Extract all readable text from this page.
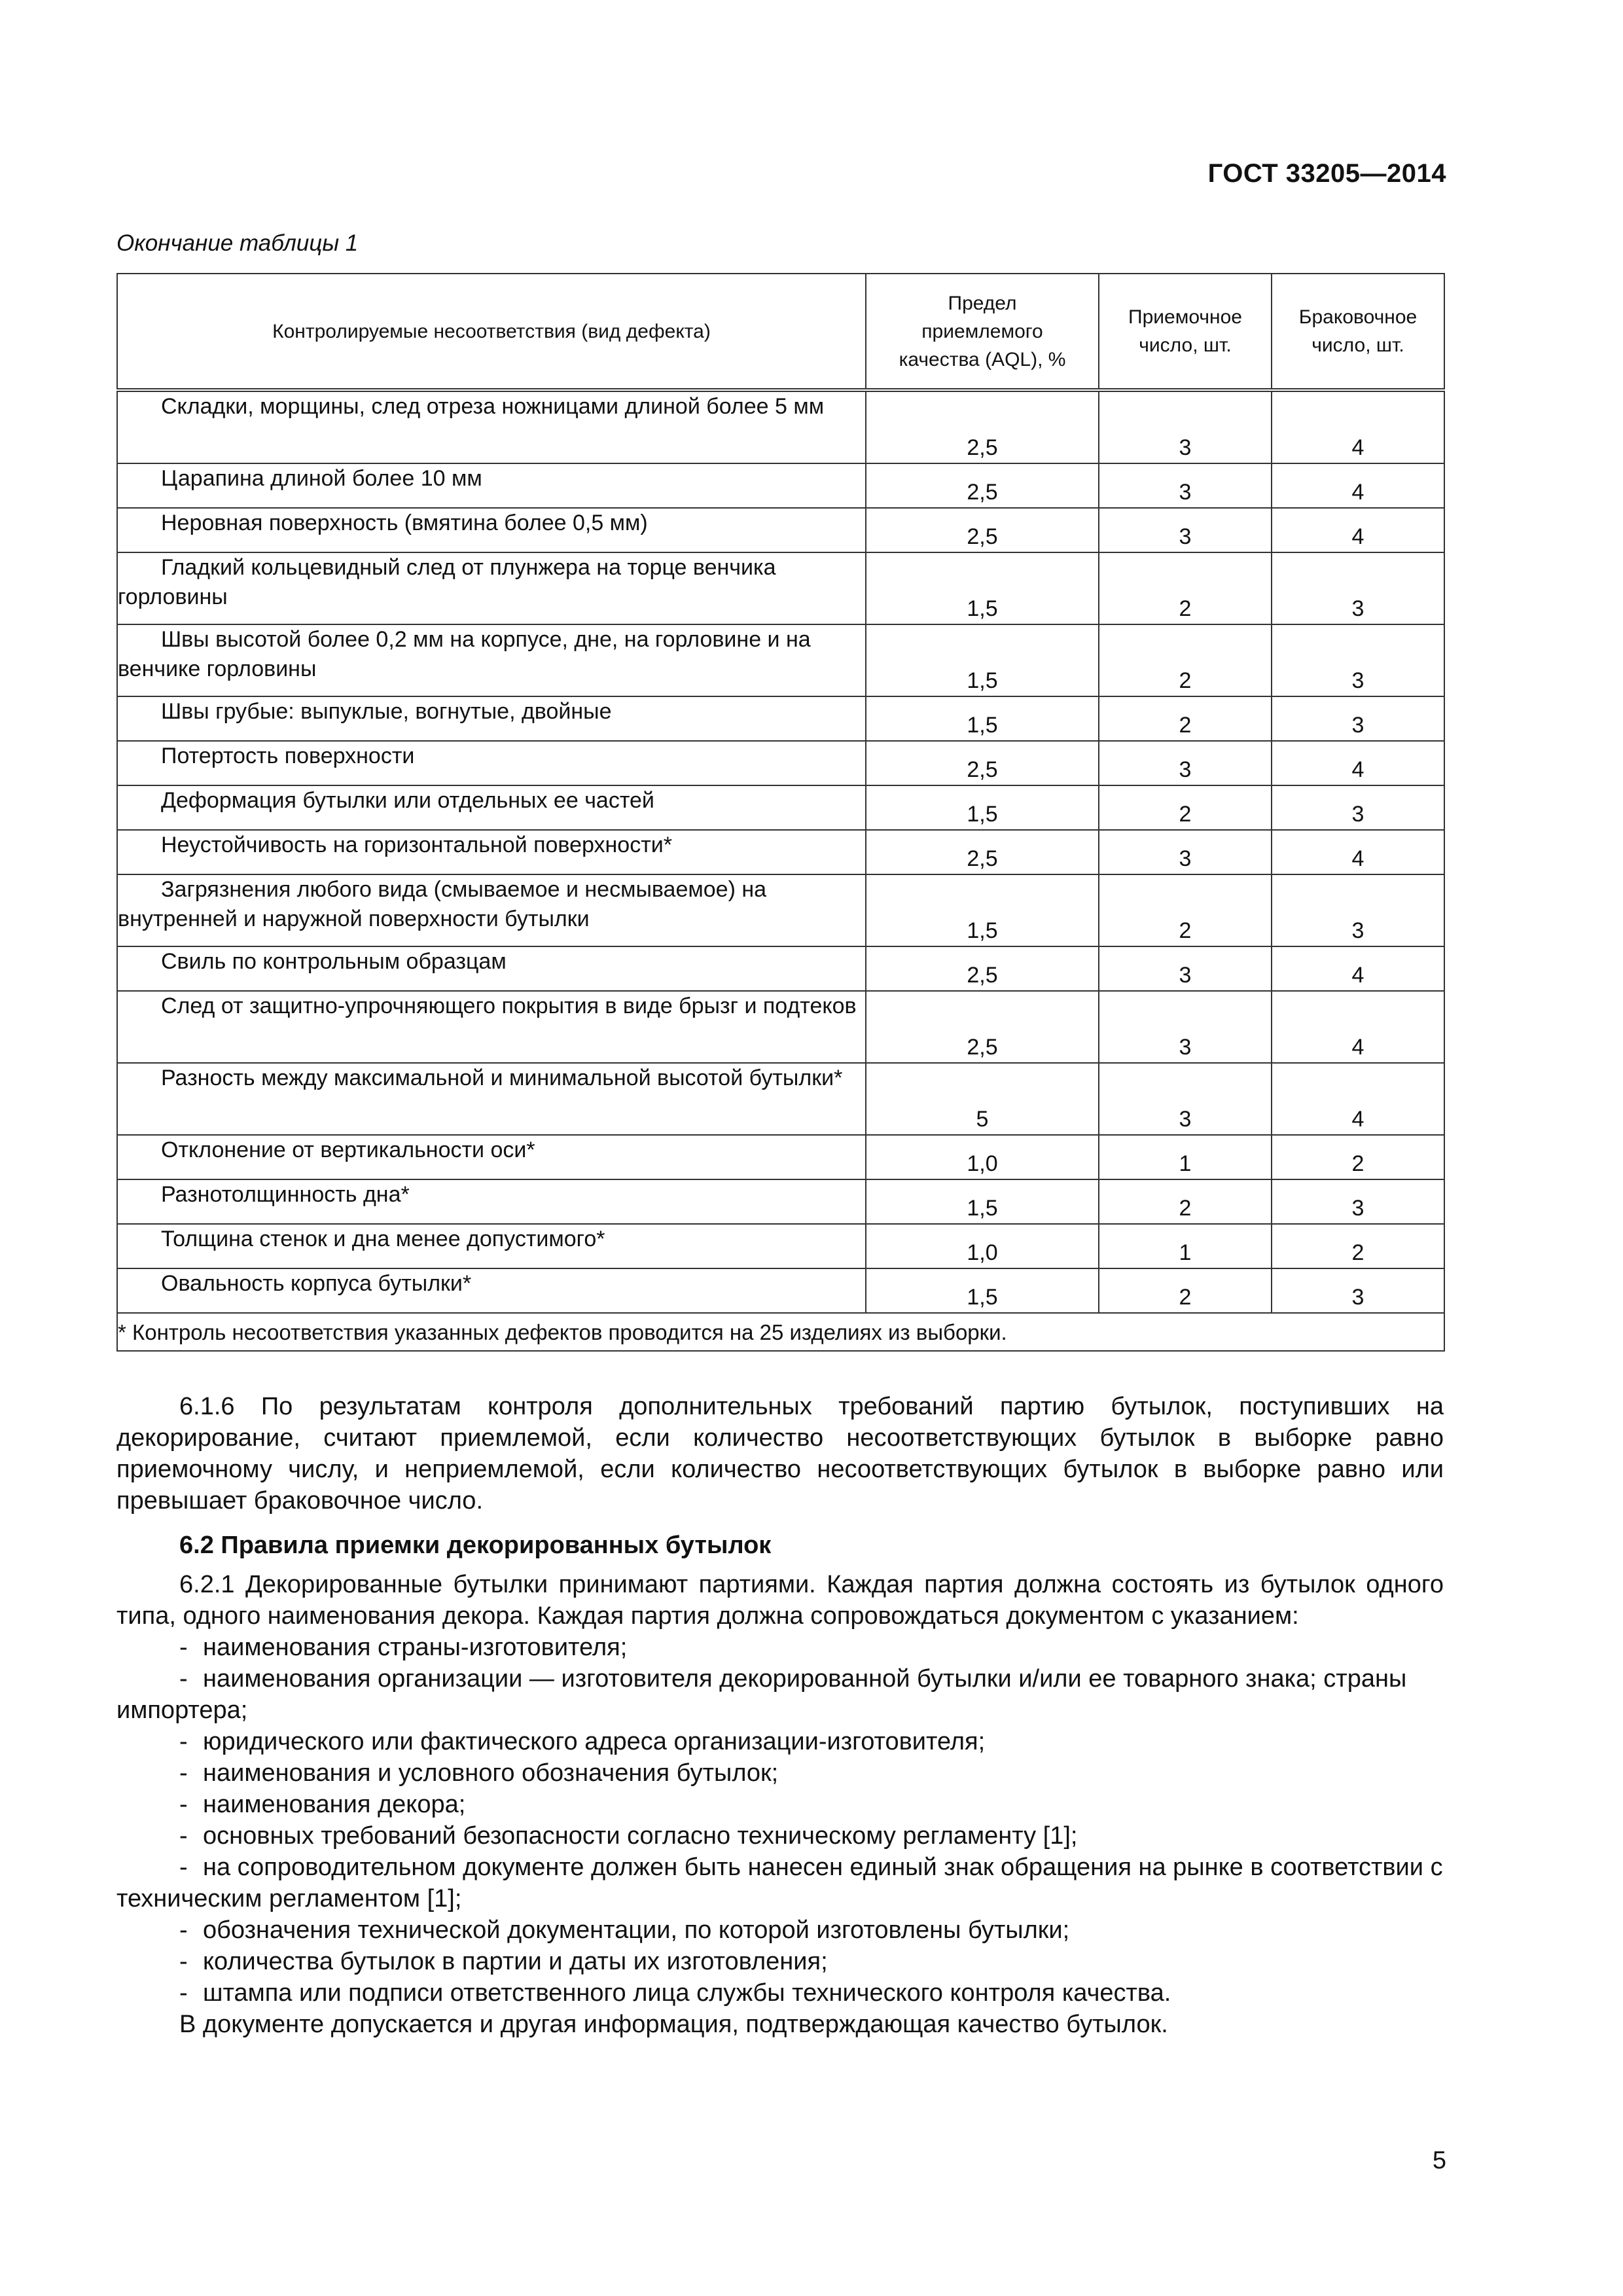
ГОСТ 33205—2014
Окончание таблицы 1
Контролируемые несоответствия (вид дефекта)	Предел приемлемого качества (AQL), %	Приемочное число, шт.	Браковочное число, шт.

Складки, морщины, след отреза ножницами длиной более 5 мм	2,5	3	4

Царапина длиной более 10 мм	2,5	3	4

Неровная поверхность (вмятина более 0,5 мм)	2,5	3	4

Гладкий кольцевидный след от плунжера на торце венчика горловины	1,5	2	3

Швы высотой более 0,2 мм на корпусе, дне, на горловине и на венчике горловины	1,5	2	3

Швы грубые: выпуклые, вогнутые, двойные	1,5	2	3

Потертость поверхности	2,5	3	4

Деформация бутылки или отдельных ее частей	1,5	2	3

Неустойчивость на горизонтальной поверхности*	2,5	3	4

Загрязнения любого вида (смываемое и несмываемое) на внутренней и наружной поверхности бутылки	1,5	2	3

Свиль по контрольным образцам	2,5	3	4

След от защитно-упрочняющего покрытия в виде брызг и подтеков	2,5	3	4

Разность между максимальной и минимальной высотой бутылки*	5	3	4

Отклонение от вертикальности оси*	1,0	1	2

Разнотолщинность дна*	1,5	2	3

Толщина стенок и дна менее допустимого*	1,0	1	2

Овальность корпуса бутылки*	1,5	2	3
* Контроль несоответствия указанных дефектов проводится на 25 изделиях из выборки.			

6.1.6 По результатам контроля дополнительных требований партию бутылок, поступивших на декорирование, считают приемлемой, если количество несоответствующих бутылок в выборке равно приемочному числу, и неприемлемой, если количество несоответствующих бутылок в выборке равно или превышает браковочное число.

6.2 Правила приемки декорированных бутылок

6.2.1 Декорированные бутылки принимают партиями. Каждая партия должна состоять из бутылок одного типа, одного наименования декора. Каждая партия должна сопровождаться документом с указанием:

- наименования страны-изготовителя;

- наименования организации — изготовителя декорированной бутылки и/или ее товарного знака; страны импортера;

- юридического или фактического адреса организации-изготовителя;

- наименования и условного обозначения бутылок;

- наименования декора;

- основных требований безопасности согласно техническому регламенту [1];

- на сопроводительном документе должен быть нанесен единый знак обращения на рынке в соответствии с техническим регламентом [1];

- обозначения технической документации, по которой изготовлены бутылки;

- количества бутылок в партии и даты их изготовления;

- штампа или подписи ответственного лица службы технического контроля качества.

В документе допускается и другая информация, подтверждающая качество бутылок.

5
